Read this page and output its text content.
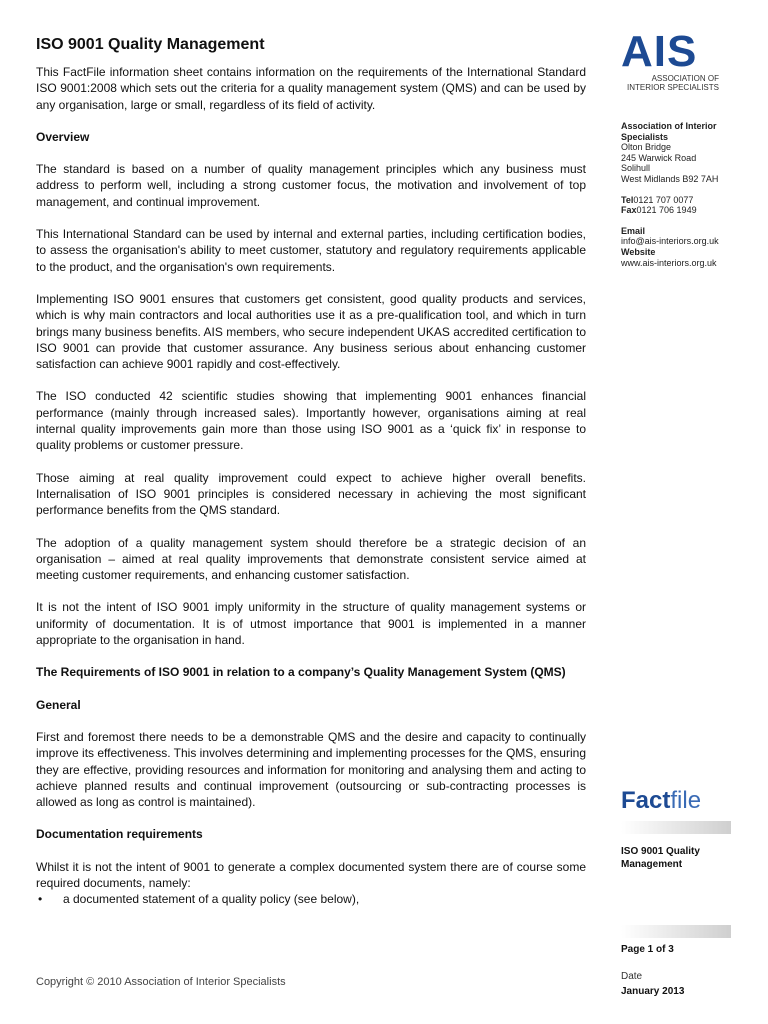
ISO 9001 Quality Management

This FactFile information sheet contains information on the requirements of the International Standard ISO 9001:2008 which sets out the criteria for a quality management system (QMS) and can be used by any organisation, large or small, regardless of its field of activity.

Overview

The standard is based on a number of quality management principles which any business must address to perform well, including a strong customer focus, the motivation and involvement of top management, and continual improvement.

This International Standard can be used by internal and external parties, including certification bodies, to assess the organisation's ability to meet customer, statutory and regulatory requirements applicable to the product, and the organisation's own requirements.

Implementing ISO 9001 ensures that customers get consistent, good quality products and services, which is why main contractors and local authorities use it as a pre-qualification tool, and which in turn brings many business benefits. AIS members, who secure independent UKAS accredited certification to ISO 9001 can provide that customer assurance. Any business serious about enhancing customer satisfaction can achieve 9001 rapidly and cost-effectively.

The ISO conducted 42 scientific studies showing that implementing 9001 enhances financial performance (mainly through increased sales). Importantly however, organisations aiming at real internal quality improvements gain more than those using ISO 9001 as a ‘quick fix’ in response to quality problems or customer pressure.

Those aiming at real quality improvement could expect to achieve higher overall benefits. Internalisation of ISO 9001 principles is considered necessary in achieving the most significant performance benefits from the QMS standard.

The adoption of a quality management system should therefore be a strategic decision of an organisation – aimed at real quality improvements that demonstrate consistent service aimed at meeting customer requirements, and enhancing customer satisfaction.

It is not the intent of ISO 9001 imply uniformity in the structure of quality management systems or uniformity of documentation. It is of utmost importance that 9001 is implemented in a manner appropriate to the organisation in hand.

The Requirements of ISO 9001 in relation to a company’s Quality Management System (QMS)
General

First and foremost there needs to be a demonstrable QMS and the desire and capacity to continually improve its effectiveness. This involves determining and implementing processes for the QMS, ensuring they are effective, providing resources and information for monitoring and analysing them and acting to achieve planned results and continual improvement (outsourcing or sub-contracting processes is allowed as long as control is maintained).

Documentation requirements

Whilst it is not the intent of 9001 to generate a complex documented system there are of course some required documents, namely:

• a documented statement of a quality policy (see below),
Copyright © 2010 Association of Interior Specialists
AIS
ASSOCIATION OF
INTERIOR SPECIALISTS
Association of Interior
Specialists
Olton Bridge
245 Warwick Road
Solihull
West Midlands B92 7AH
Tel0121 707 0077
Fax0121 706 1949
Email
info@ais-interiors.org.uk
Website
www.ais-interiors.org.uk
Factfile
ISO 9001 Quality
Management
Page 1 of 3
Date
January 2013
